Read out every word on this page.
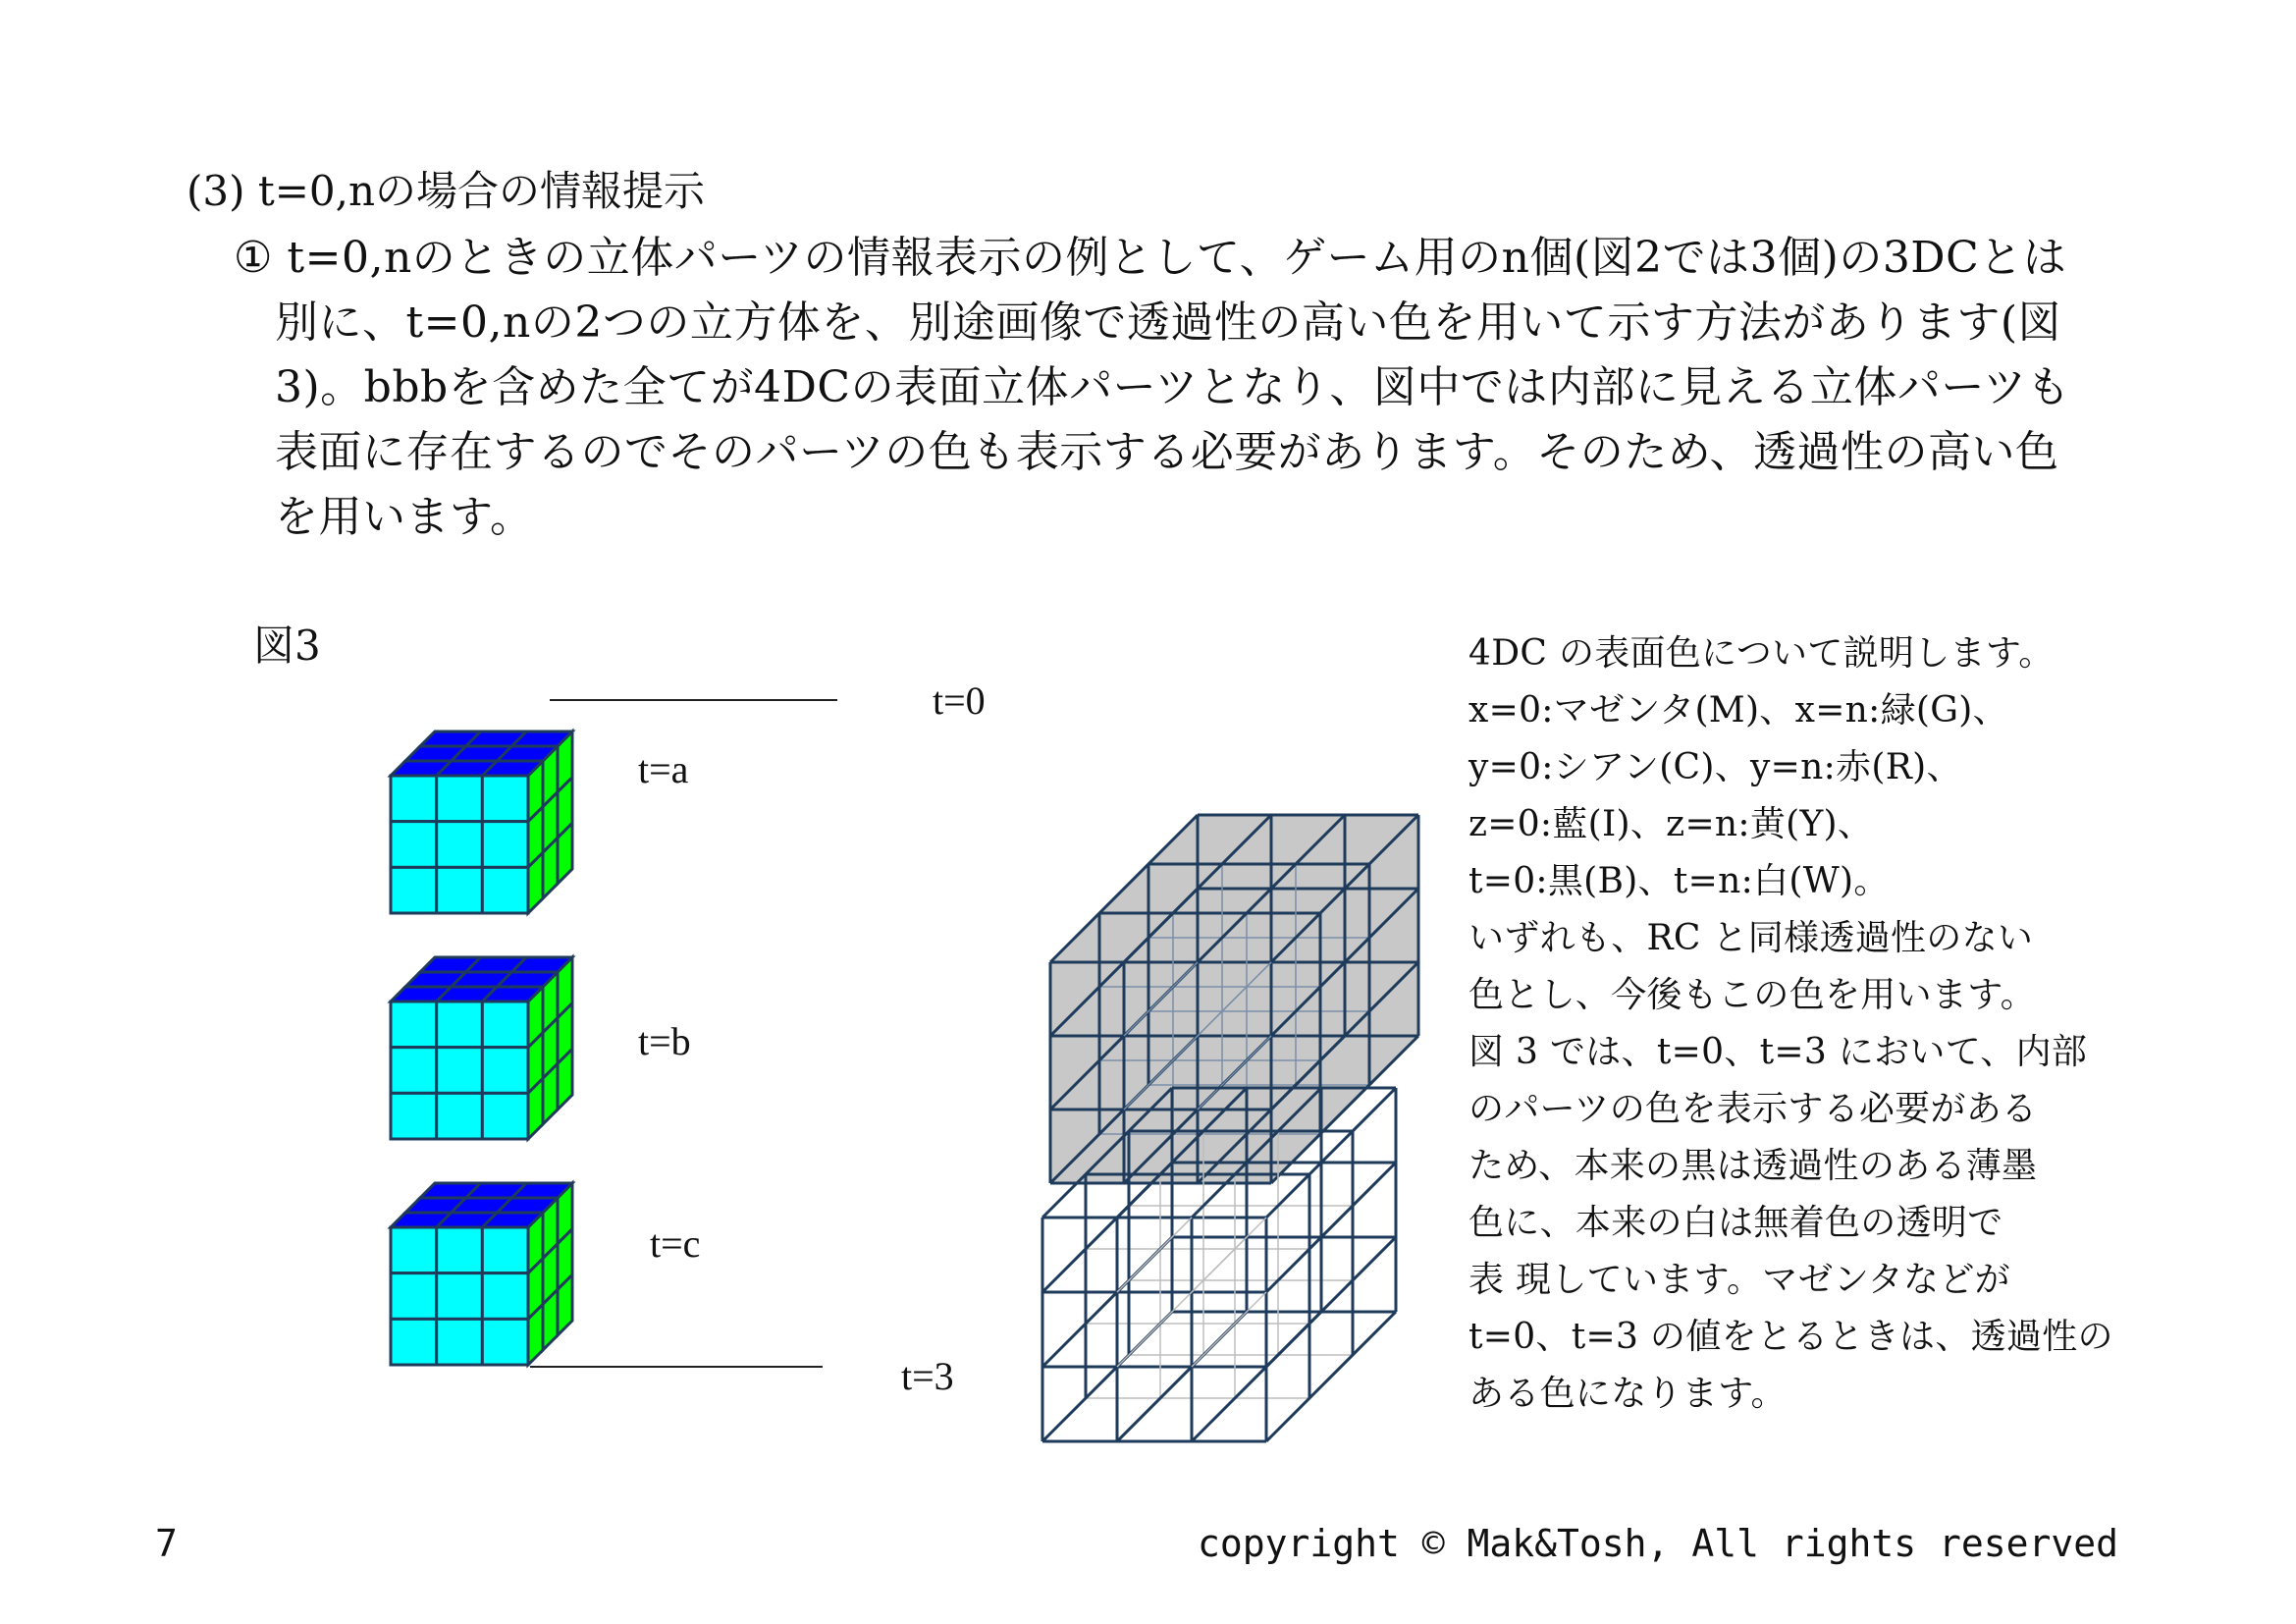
(3) t=0,nの場合の情報提示
① t=0,nのときの立体パーツの情報表示の例として、ゲーム用のn個(図2では3個)の3DCとは
別に、t=0,nの2つの立方体を、別途画像で透過性の高い色を用いて示す方法があります(図
3)。bbbを含めた全てが4DCの表面立体パーツとなり、図中では内部に見える立体パーツも
表面に存在するのでそのパーツの色も表示する必要があります。そのため、透過性の高い色
を用います。
図3
t=a
t=b
t=c
t=0
t=3
4DC の表面色について説明します。
x=0:マゼンタ(M)、x=n:緑(G)、
y=0:シアン(C)、y=n:赤(R)、
z=0:藍(I)、z=n:黄(Y)、
t=0:黒(B)、t=n:白(W)。
いずれも、RC と同様透過性のない
色とし、今後もこの色を用います。
図 3 では、t=0、t=3 において、内部
のパーツの色を表示する必要がある
ため、本来の黒は透過性のある薄墨
色に、本来の白は無着色の透明で
表 現しています。マゼンタなどが
t=0、t=3 の値をとるときは、透過性の
ある色になります。
7	copyright © Mak&Tosh, All rights reserved
